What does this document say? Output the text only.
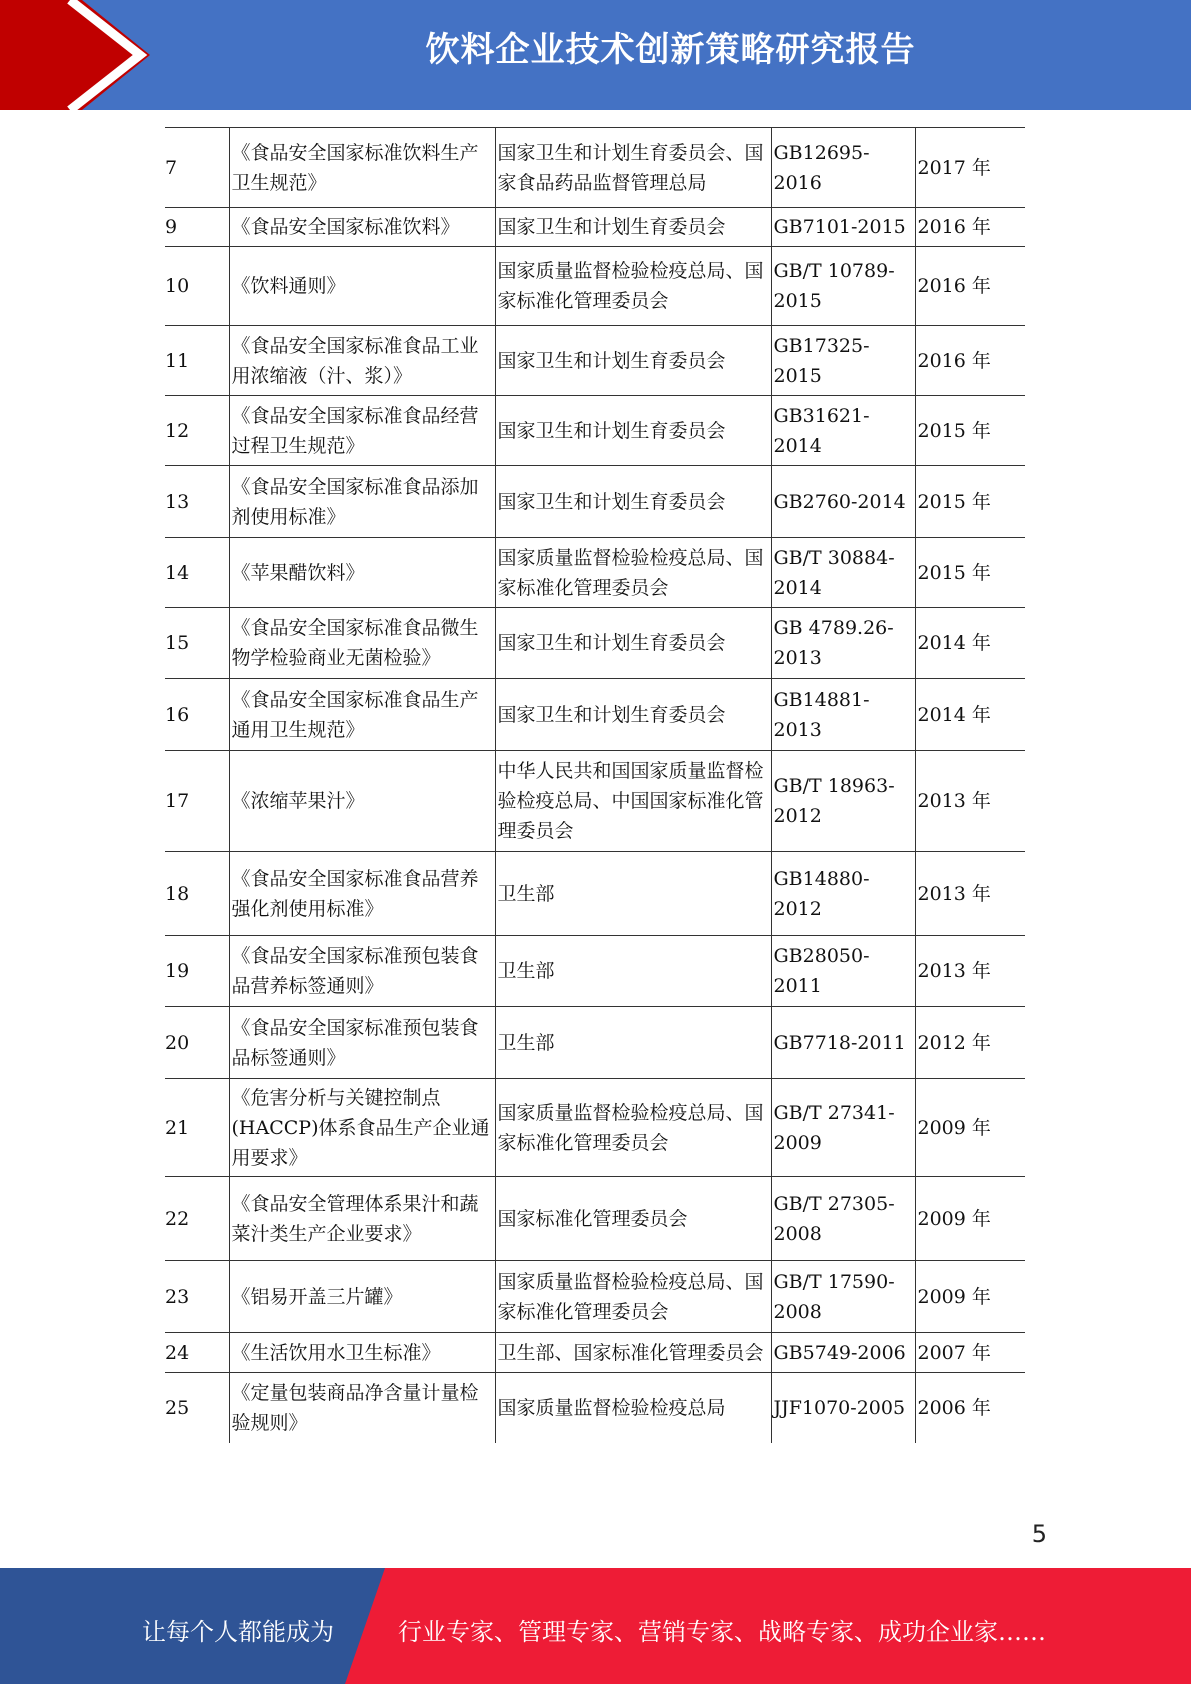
饮料企业技术创新策略研究报告
7	《食品安全国家标准饮料生产卫生规范》	国家卫生和计划生育委员会、国家食品药品监督管理总局	GB12695-2016	2017 年
9	《食品安全国家标准饮料》	国家卫生和计划生育委员会	GB7101-2015	2016 年
10	《饮料通则》	国家质量监督检验检疫总局、国家标准化管理委员会	GB/T 10789-2015	2016 年
11	《食品安全国家标准食品工业用浓缩液（汁、浆）》	国家卫生和计划生育委员会	GB17325-2015	2016 年
12	《食品安全国家标准食品经营过程卫生规范》	国家卫生和计划生育委员会	GB31621-2014	2015 年
13	《食品安全国家标准食品添加剂使用标准》	国家卫生和计划生育委员会	GB2760-2014	2015 年
14	《苹果醋饮料》	国家质量监督检验检疫总局、国家标准化管理委员会	GB/T 30884-2014	2015 年
15	《食品安全国家标准食品微生物学检验商业无菌检验》	国家卫生和计划生育委员会	GB 4789.26-2013	2014 年
16	《食品安全国家标准食品生产通用卫生规范》	国家卫生和计划生育委员会	GB14881-2013	2014 年
17	《浓缩苹果汁》	中华人民共和国国家质量监督检验检疫总局、中国国家标准化管理委员会	GB/T 18963-2012	2013 年
18	《食品安全国家标准食品营养强化剂使用标准》	卫生部	GB14880-2012	2013 年
19	《食品安全国家标准预包装食品营养标签通则》	卫生部	GB28050-2011	2013 年
20	《食品安全国家标准预包装食品标签通则》	卫生部	GB7718-2011	2012 年
21	《危害分析与关键控制点(HACCP)体系食品生产企业通用要求》	国家质量监督检验检疫总局、国家标准化管理委员会	GB/T 27341-2009	2009 年
22	《食品安全管理体系果汁和蔬菜汁类生产企业要求》	国家标准化管理委员会	GB/T 27305-2008	2009 年
23	《铝易开盖三片罐》	国家质量监督检验检疫总局、国家标准化管理委员会	GB/T 17590-2008	2009 年
24	《生活饮用水卫生标准》	卫生部、国家标准化管理委员会	GB5749-2006	2007 年
25	《定量包装商品净含量计量检验规则》	国家质量监督检验检疫总局	JJF1070-2005	2006 年
5
让每个人都能成为	行业专家、管理专家、营销专家、战略专家、成功企业家……
